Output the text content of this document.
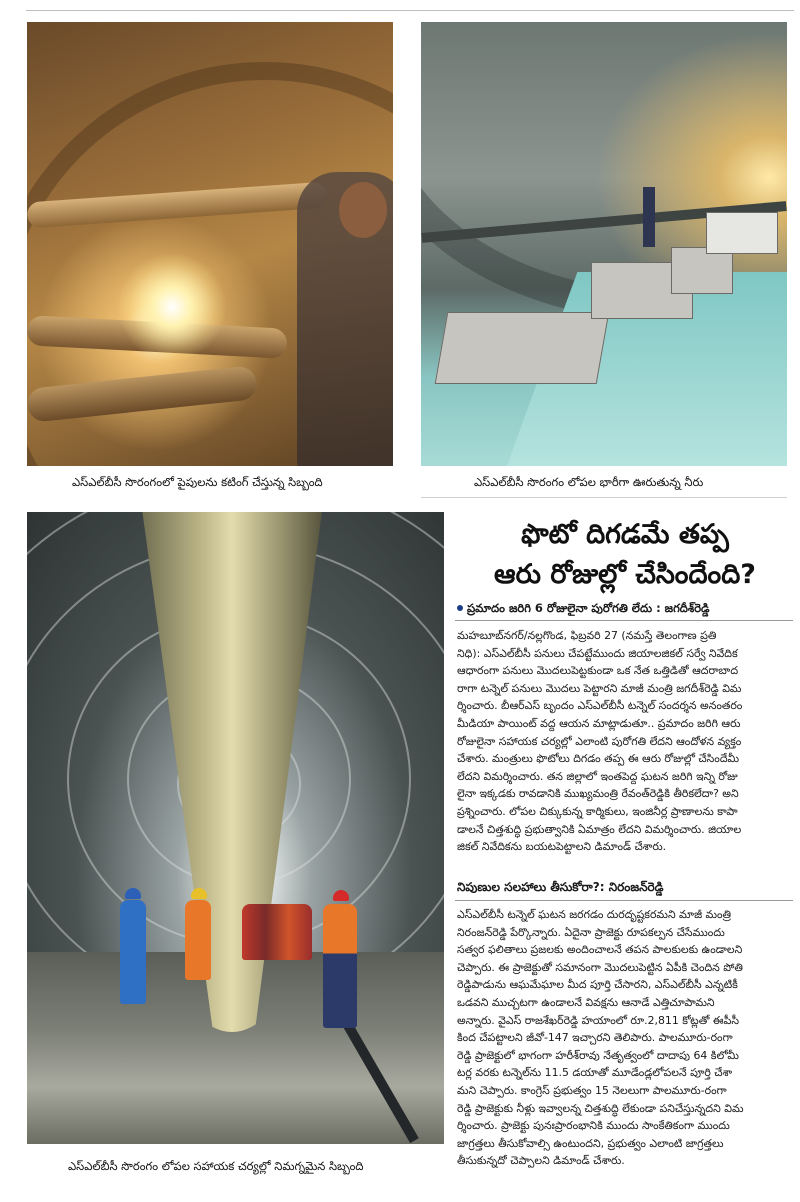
ఎస్ఎల్‌బీసీ సొరంగంలో పైపులను కటింగ్ చేస్తున్న సిబ్బంది	ఎస్ఎల్‌బీసీ సొరంగం లోపల భారీగా ఊరుతున్న నీరు
ఎస్ఎల్‌బీసీ సొరంగం లోపల సహాయక చర్యల్లో నిమగ్నమైన సిబ్బంది
ఫొటో దిగడమే తప్ప
ఆరు రోజుల్లో చేసిందేంది?
ప్రమాదం జరిగి 6 రోజులైనా పురోగతి లేదు : జగదీశ్‌రెడ్డి

మహబూబ్‌నగర్/నల్లగొండ, ఫిబ్రవరి 27 (నమస్తే తెలంగాణ ప్రతి

నిధి): ఎస్ఎల్‌బీసీ పనులు చేపట్టేముందు జియాలజికల్ సర్వే నివేదిక

ఆధారంగా పనులు మొదలుపెట్టకుండా ఒక నేత ఒత్తిడితో ఆదరాబాద

రాగా టన్నెల్ పనులు మొదలు పెట్టారని మాజీ మంత్రి జగదీశ్‌రెడ్డి విమ

ర్శించారు. బీఆర్ఎస్ బృందం ఎస్ఎల్‌బీసీ టన్నెల్ సందర్శన అనంతరం

మీడియా పాయింట్ వద్ద ఆయన మాట్లాడుతూ.. ప్రమాదం జరిగి ఆరు

రోజులైనా సహాయక చర్యల్లో ఎలాంటి పురోగతి లేదని ఆందోళన వ్యక్తం

చేశారు. మంత్రులు ఫొటోలు దిగడం తప్ప ఈ ఆరు రోజుల్లో చేసిందేమీ

లేదని విమర్శించారు. తన జిల్లాలో ఇంతపెద్ద ఘటన జరిగి ఇన్ని రోజు

లైనా ఇక్కడకు రావడానికి ముఖ్యమంత్రి రేవంత్‌రెడ్డికి తీరికలేదా? అని

ప్రశ్నించారు. లోపల చిక్కుకున్న కార్మికులు, ఇంజినీర్ల ప్రాణాలను కాపా

డాలనే చిత్తశుద్ధి ప్రభుత్వానికి ఏమాత్రం లేదని విమర్శించారు. జియాల

జికల్ నివేదికను బయటపెట్టాలని డిమాండ్ చేశారు.

నిపుణుల సలహాలు తీసుకోరా?: నిరంజన్‌రెడ్డి

ఎస్ఎల్‌బీసీ టన్నెల్ ఘటన జరగడం దురదృష్టకరమని మాజీ మంత్రి

నిరంజన్‌రెడ్డి పేర్కొన్నారు. ఏదైనా ప్రాజెక్టు రూపకల్పన చేసేముందు

సత్వర ఫలితాలు ప్రజలకు అందించాలనే తపన పాలకులకు ఉండాలని

చెప్పారు. ఈ ప్రాజెక్టుతో సమానంగా మొదలుపెట్టిన ఏపీకి చెందిన పోతి

రెడ్డిపాడును ఆఘమేఘాల మీద పూర్తి చేసారని, ఎస్ఎల్‌బీసీ ఎన్నటికీ

ఒడవని ముచ్చటగా ఉండాలనే వివక్షను ఆనాడే ఎత్తిచూపామని

అన్నారు. వైఎస్ రాజశేఖర్‌రెడ్డి హయాంలో రూ.2,811 కోట్లతో ఈపీసీ

కింద చేపట్టాలని జీవో-147 ఇచ్చారని తెలిపారు. పాలమూరు-రంగా

రెడ్డి ప్రాజెక్టులో భాగంగా హరీశ్‌రావు నేతృత్వంలో దాదాపు 64 కిలోమీ

టర్ల వరకు టన్నెల్‌ను 11.5 డయాతో మూడేండ్లలోపలనే పూర్తి చేశా

మని చెప్పారు. కాంగ్రెస్ ప్రభుత్వం 15 నెలలుగా పాలమూరు-రంగా

రెడ్డి ప్రాజెక్టుకు నీళ్లు ఇవ్వాలన్న చిత్తశుద్ధి లేకుండా పనిచేస్తున్నదని విమ

ర్శించారు. ప్రాజెక్టు పునఃప్రారంభానికి ముందు సాంకేతికంగా ముందు

జాగ్రత్తలు తీసుకోవాల్సి ఉంటుందని, ప్రభుత్వం ఎలాంటి జాగ్రత్తలు

తీసుకున్నదో చెప్పాలని డిమాండ్ చేశారు.
